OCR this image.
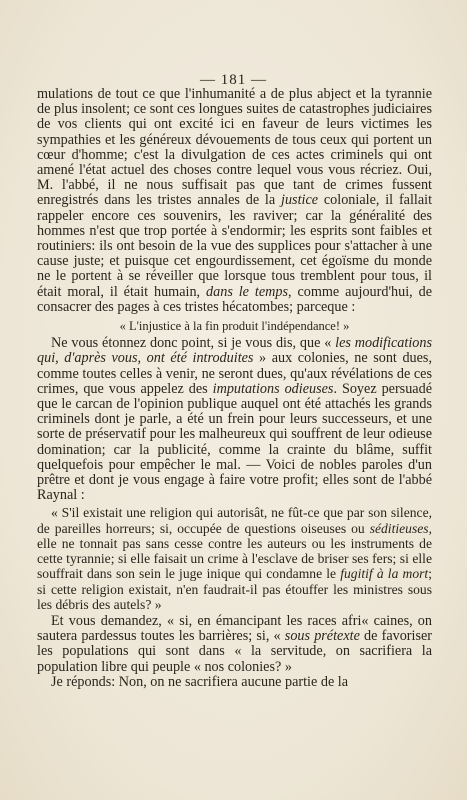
— 181 —

mulations de tout ce que l'inhumanité a de plus abject et la tyrannie de plus insolent; ce sont ces longues suites de catastrophes judiciaires de vos clients qui ont excité ici en faveur de leurs victimes les sympathies et les généreux dévouements de tous ceux qui portent un cœur d'homme; c'est la divulgation de ces actes criminels qui ont amené l'état actuel des choses contre lequel vous vous récriez. Oui, M. l'abbé, il ne nous suffisait pas que tant de crimes fussent enregistrés dans les tristes annales de la justice coloniale, il fallait rappeler encore ces souvenirs, les raviver; car la généralité des hommes n'est que trop portée à s'endormir; les esprits sont faibles et routiniers: ils ont besoin de la vue des supplices pour s'attacher à une cause juste; et puisque cet engourdissement, cet égoïsme du monde ne le portent à se réveiller que lorsque tous tremblent pour tous, il était moral, il était humain, dans le temps, comme aujourd'hui, de consacrer des pages à ces tristes hécatombes; parceque :

« L'injustice à la fin produit l'indépendance! »

Ne vous étonnez donc point, si je vous dis, que « les modifications qui, d'après vous, ont été introduites » aux colonies, ne sont dues, comme toutes celles à venir, ne seront dues, qu'aux révélations de ces crimes, que vous appelez des imputations odieuses. Soyez persuadé que le carcan de l'opinion publique auquel ont été attachés les grands criminels dont je parle, a été un frein pour leurs successeurs, et une sorte de préservatif pour les malheureux qui souffrent de leur odieuse domination; car la publicité, comme la crainte du blâme, suffit quelquefois pour empêcher le mal. — Voici de nobles paroles d'un prêtre et dont je vous engage à faire votre profit; elles sont de l'abbé Raynal :

« S'il existait une religion qui autorisât, ne fût-ce que par son silence, de pareilles horreurs; si, occupée de questions oiseuses ou séditieuses, elle ne tonnait pas sans cesse contre les auteurs ou les instruments de cette tyrannie; si elle faisait un crime à l'esclave de briser ses fers; si elle souffrait dans son sein le juge inique qui condamne le fugitif à la mort; si cette religion existait, n'en faudrait-il pas étouffer les ministres sous les débris des autels? »

Et vous demandez, « si, en émancipant les races afri« caines, on sautera pardessus toutes les barrières; si, « sous prétexte de favoriser les populations qui sont dans « la servitude, on sacrifiera la population libre qui peuple « nos colonies? »

Je réponds: Non, on ne sacrifiera aucune partie de la
